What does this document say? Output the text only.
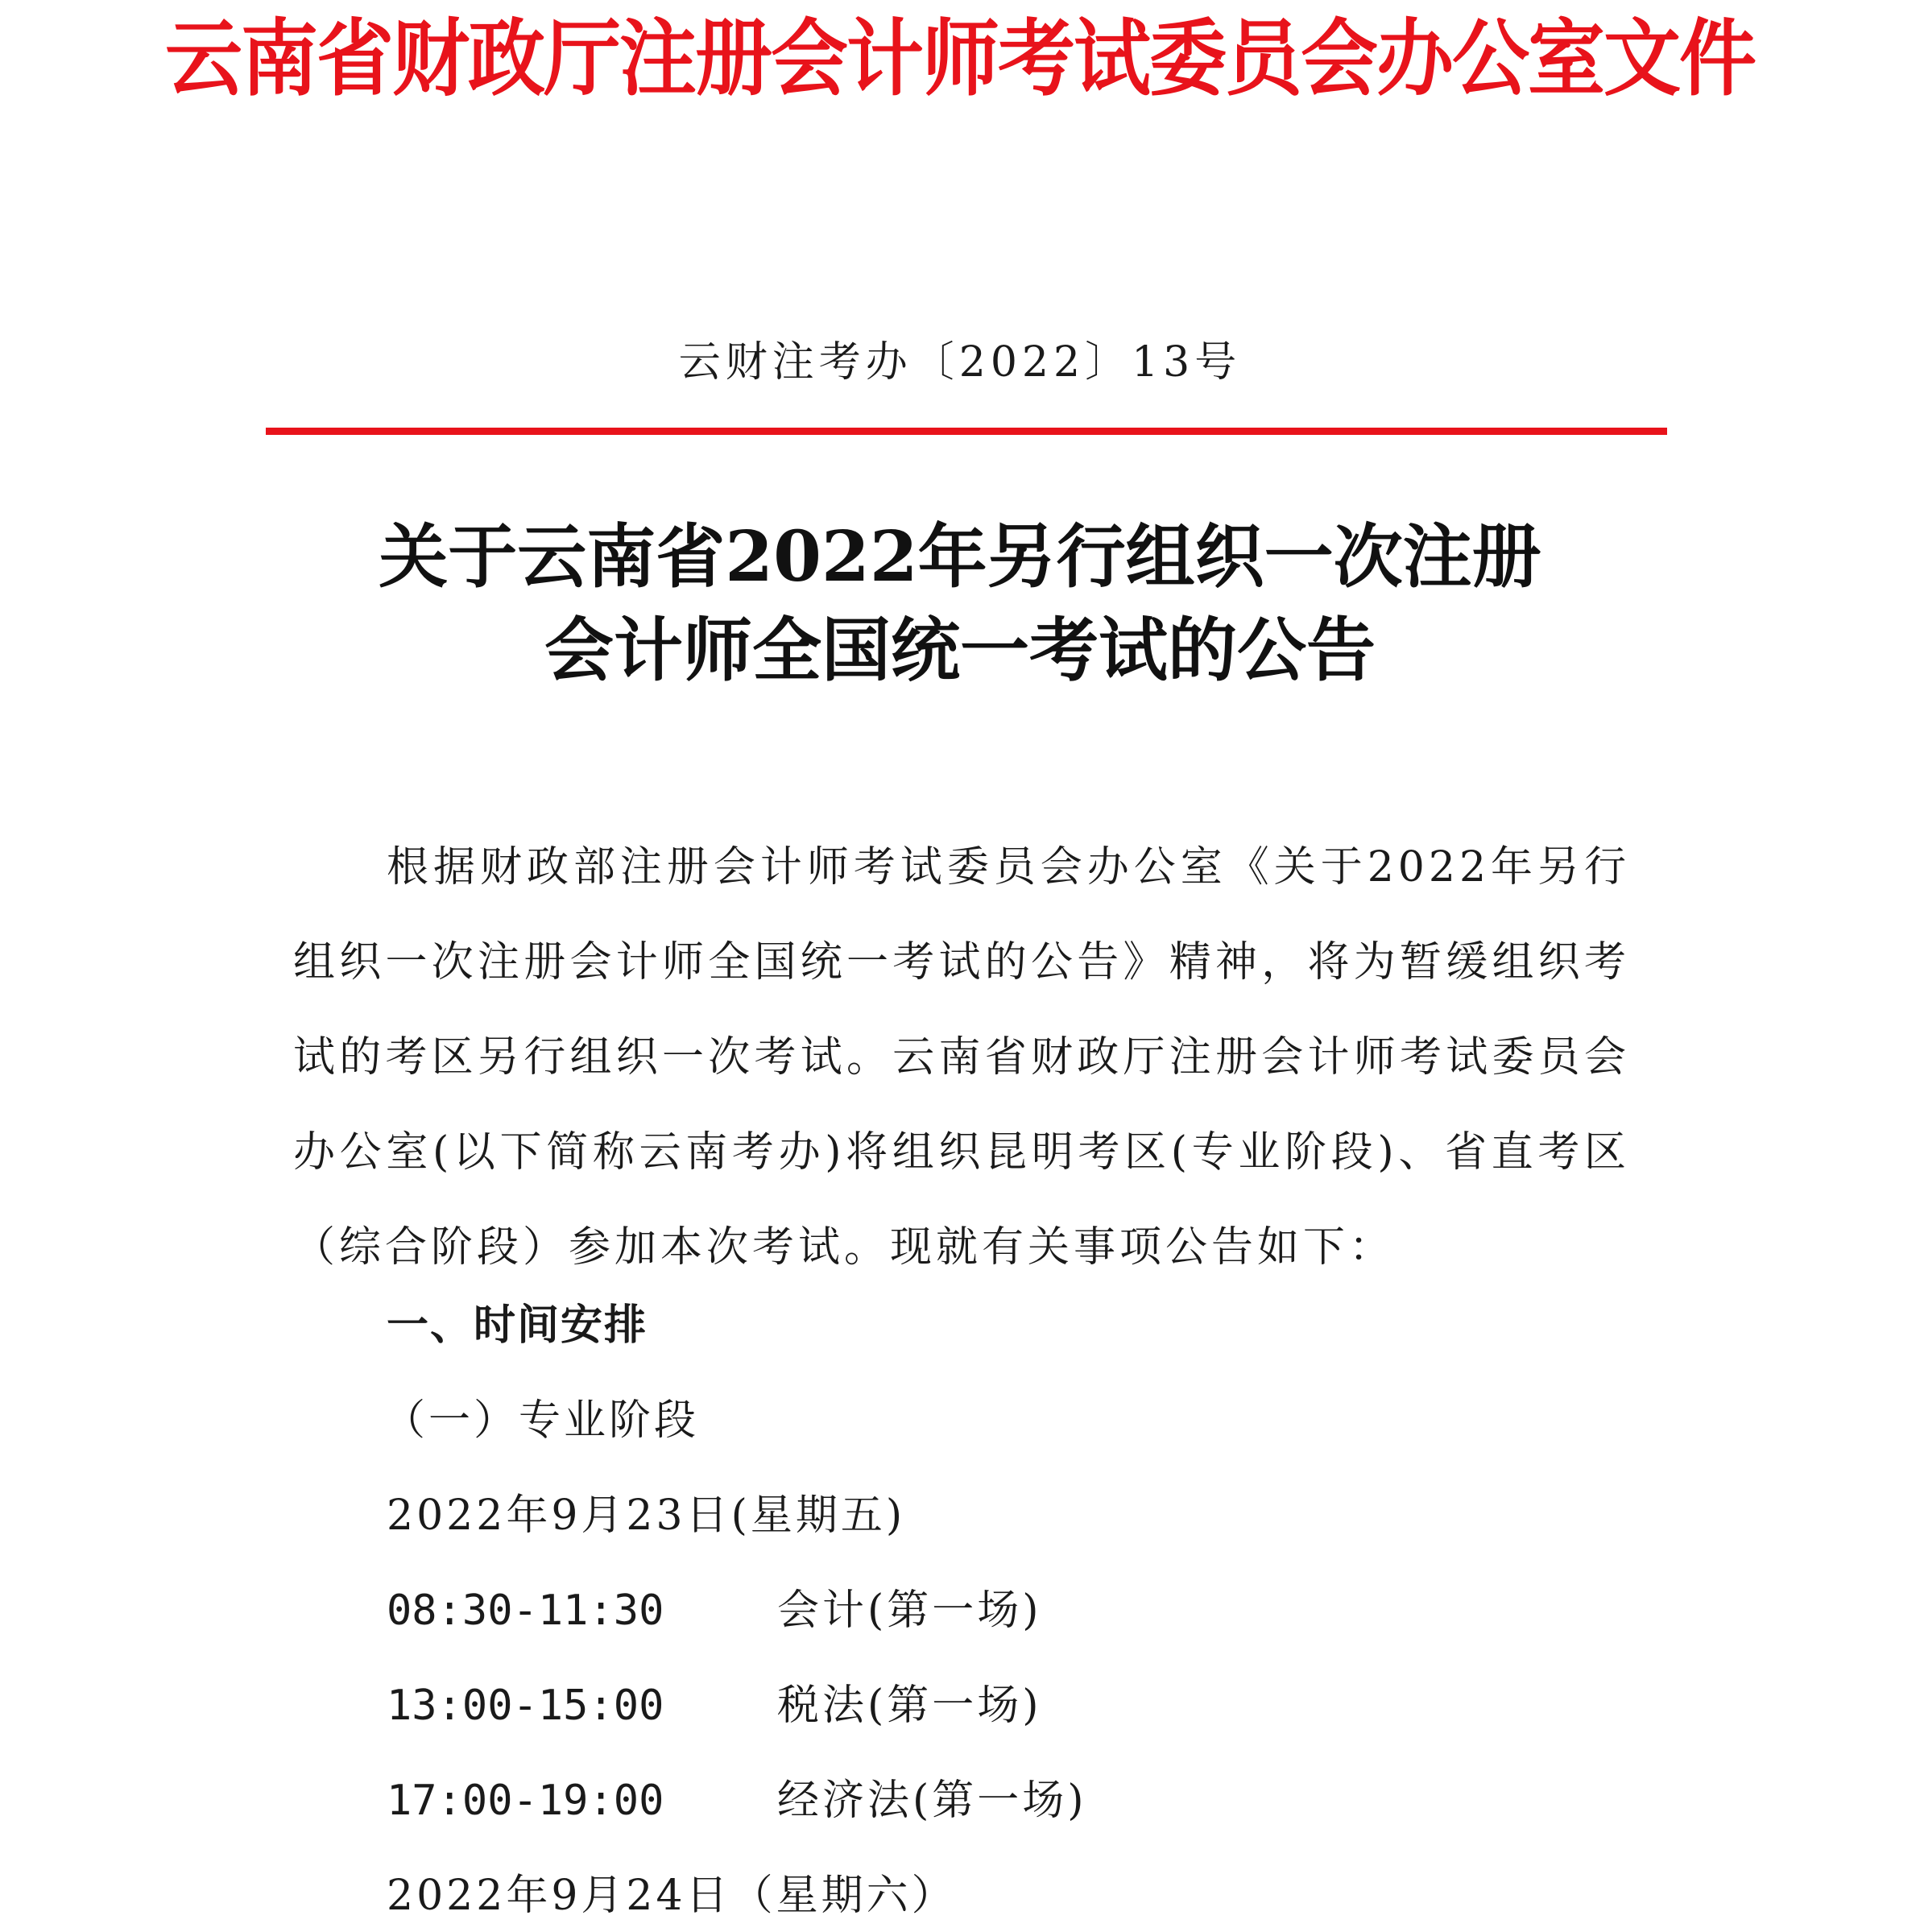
云南省财政厅注册会计师考试委员会办公室文件
云财注考办〔2022〕13号
关于云南省2022年另行组织一次注册
会计师全国统一考试的公告
根据财政部注册会计师考试委员会办公室《关于2022年另行组织一次注册会计师全国统一考试的公告》精神，将为暂缓组织考试的考区另行组织一次考试。云南省财政厅注册会计师考试委员会办公室(以下简称云南考办)将组织昆明考区(专业阶段)、省直考区（综合阶段）参加本次考试。现就有关事项公告如下：
一、时间安排
（一）专业阶段
2022年9月23日(星期五)
08:30-11:30	会计(第一场)
13:00-15:00	税法(第一场)
17:00-19:00	经济法(第一场)
2022年9月24日（星期六）
